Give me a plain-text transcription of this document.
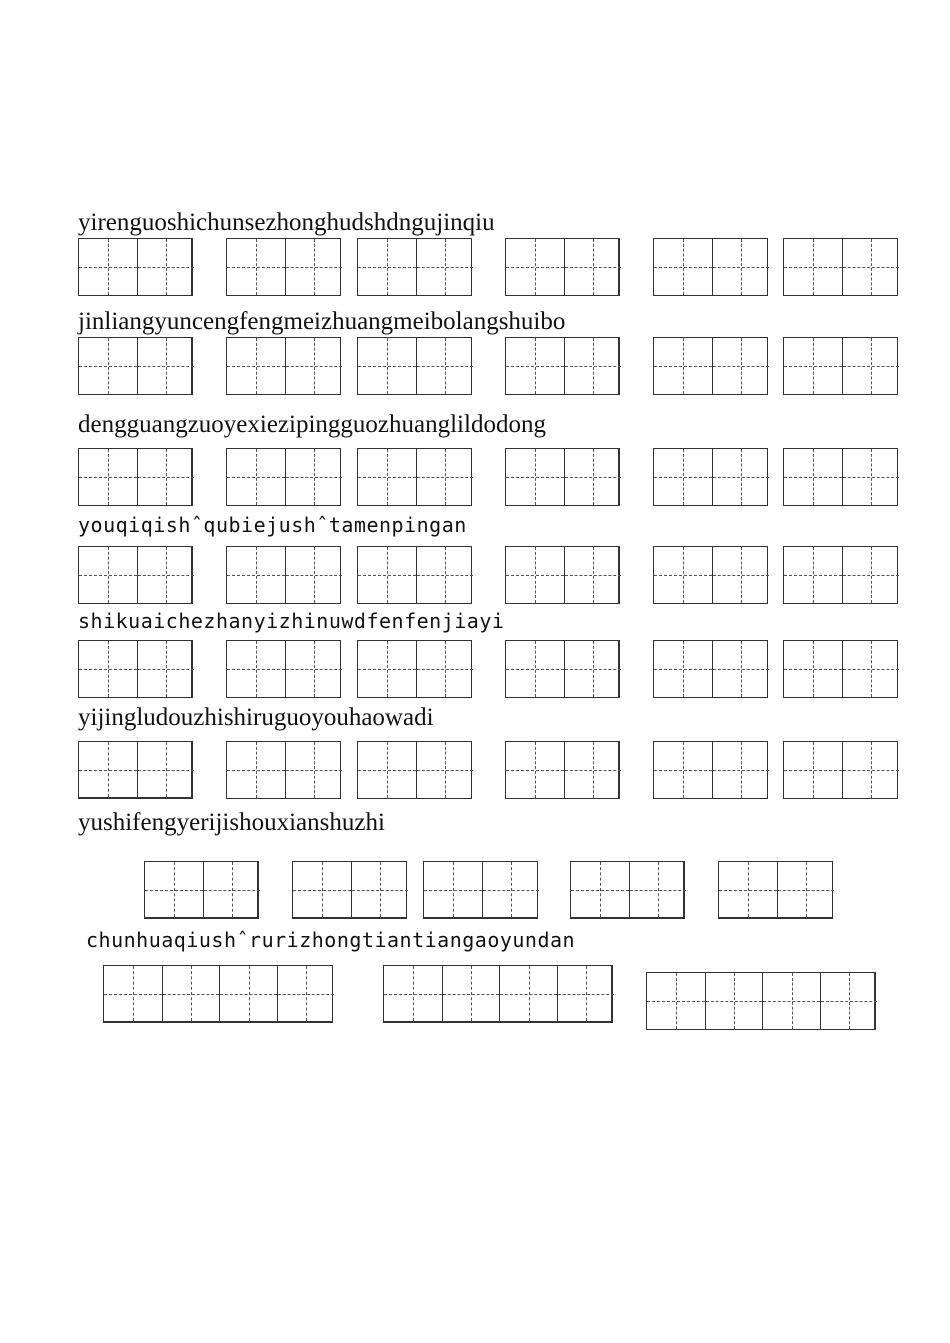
yirenguoshichunsezhonghudshdngujinqiu
jinliangyuncengfengmeizhuangmeibolangshuibo
dengguangzuoyexiezipingguozhuanglildodong
youqiqishˆqubiejushˆtamenpingan
shikuaichezhanyizhinuwdfenfenjiayi
yijingludouzhishiruguoyouhaowadi
yushifengyerijishouxianshuzhi
chunhuaqiushˆrurizhongtiantiangaoyundan
